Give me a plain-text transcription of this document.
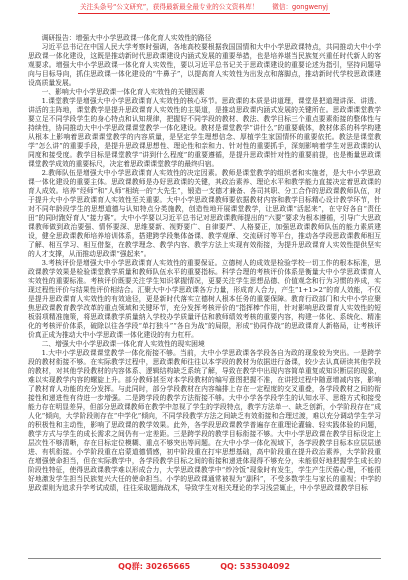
关注头条号“公文研究”，获得最新最全最专业的公文资料库！ 微信：gongwenyj

调研报告：增强大中小学思政课一体化育人实效性的路径

习近平总书记在中国人民大学考察时强调，各地高校要根据我国国情和大中小学思政课特点，共同推动大中小学思政课一体化建设，这既是推动新时代思政课建设内涵式发展的重要举措，也是培养堪当民族复兴重任时代新人的客观要求。增强大中小学思政课一体化育人实效性，要以习近平总书记关于思政课建设的重要论述为指引，坚持问题导向与目标导向，抓住思政课一体化建设的“牛鼻子”，以提高育人实效性为出发点和落脚点，推动新时代学校思政课建设高质量发展。

一、影响大中小学思政课一体化育人实效性的关键因素

1.课堂教学是增强大中小学思政课育人实效性的核心环节。思政课的本质是讲道理，课堂是把道理讲深、讲透、讲活的主阵地，课堂教学是提升思政课育人实效性的主渠道，是推动思政课内涵式发展的关键所在。思政课课堂教学要立足不同学段学生的身心特点和认知规律，把握好不同学段的教材、教法、教学目标三个重点要素衔接的整体性与持续性，协同推动大中小学思政课课堂教学一体化建设。教材是课堂教学“讲什么”的重要载体，教材体系的科学构建从根本上影响着思政课课堂教学的内容质量，是坚定学生理想信念、厚植学生家国情怀的重要依托。教法是课堂教学“怎么讲”的重要手段，是提升思政课思想性、理论性和亲和力、针对性的重要抓手，深刻影响着学生对思政课的认同度和接受度。教学目标是课堂教学“讲到什么程度”的重要遵循，是提升思政课针对性的重要前提，也是衡量思政课课堂教学成效的重要标尺，决定着思政课课堂教学的最终归宿。

2.教师队伍是增强大中小学思政课育人实效性的决定因素。教师是课堂教学的组织者和实施者，是大中小学思政课一体化建设的重要主体。思政课教师是办好思政课的关键，其政治素养、理论水平和教学能力直接决定着思政课的育人成效。培养“经师”和“人师”相统一的“大先生”，锻造一支德才兼备、各司其职、分工合作的思政课教师队伍，对于提升大中小学思政课育人实效性至关重要。大中小学思政课教师要依据教材内容和教学目标精心设计教学环节，针对不同年龄段学生的思想道德与认知特点分类施教，创造性地开展课堂教学，让思政课“活起来”，在守好各自“责任田”的同时跑好育人“接力赛”。大中小学要以习近平总书记对思政课教师提出的“六要”要求为根本遵循，引导广大思政课教师做到政治要强、情怀要深、思维要新、视野要广、自律要严、人格要正，加强思政课教师队伍的能力素质建设，健全思政课教师培养培训体系，搭建跨学段集体备课、教学观摩、交流研讨等平台，推动各学段思政课教师相互了解、相互学习、相互借鉴，在教学理念、教学内容、教学方法上实现有效衔接，为提升思政课育人实效性提供坚实的人才支撑，从而推动思政课“强起来”。

3.考核评价是增强大中小学思政课育人实效性的重要保证。立德树人的成效是检验学校一切工作的根本标准，思政课教学效果是检验课堂教学质量和教师队伍水平的重要指标。科学合理的考核评价体系是衡量大中小学思政课育人实效性的重要标准。考核评价既要关注学生知识掌握情况，更要关注学生思想品德、价值观念和行为习惯的养成，实现过程性评价与结果性评价相结合。汇聚大中小学思政课各方力量，形成育人合力，产生“1+1>2”的育人效能，不仅是提升思政课育人实效性的有效途径，更是新时代落实立德树人根本任务的重要保障。教育行政部门和大中小学应聚焦思政课教育教学改革的重点领域和关键环节，充分发挥考核评价的“指挥棒”作用，针对影响思政课育人实效性的短板弱项精准施策，将思政课教学质量纳入学校办学质量评估和教师绩效考核的重要内容，构建一体化、系统化、精准化的考核评价体系，破除以往各学段“单打独斗”“各自为战”的局限，形成“协同作战”的思政课育人新格局，让考核评价真正成为推动大中小学思政课一体化建设的有力杠杆。

二、增强大中小学思政课一体化育人实效性的现实困境

1.大中小学思政课课堂教学一体化衔接不够。当前，大中小学思政课各学段各自为政的现象较为突出。一是跨学段的教材衔接不够。在实际教学过程中，思政课教师往往以本学段的教材为依据进行备课，较少去认真研读其他学段的教材，对其他学段教材的内容体系、逻辑结构缺乏系统了解，导致在教学中出现内容简单重复或知识断层的现象，难以实现教学内容的螺旋上升。部分教师甚至对本学段教材的编写意图把握不准，在讲授过程中随意增减内容，影响了教材育人功能的充分发挥。与此同时，部分学段教材在内容编排上存在一定程度的交叉重叠，各学段教材之间的衔接性和递进性有待进一步增强。二是跨学段的教学方法衔接不够。大中小学各学段学生的认知水平、思维方式和接受能力存在明显差异，但部分思政课教师在教学中忽视了学生的学段特点，教学方法单一、缺乏创新，小学阶段存在“成人化”倾向，大学阶段则存在“中学化”倾向，不同学段教学方法之间缺乏有效衔接和合理过渡，难以充分调动学生学习的积极性和主动性，影响了思政课的教学效果。此外，各学段思政课教学普遍存在重理论灌输、轻实践体验的问题，教学方式与学生的成长需求之间仍有一定差距。三是跨学段的教学目标衔接不够。大中小学思政课在教学目标设定上层次性不够清晰，存在目标定位模糊、重点不够突出等问题。在大中小学一体化视域下，各学段教学目标本应层层递进、有机衔接。小学阶段重在启蒙道德情感，初中阶段重在打牢思想基础，高中阶段重在提升政治素养，大学阶段重在增强使命担当，但在实际教学中，各学段教学目标之间的衔接和递进体现得不够充分，未能很好地把握学生成长的阶段性特征，使得思政课教学难以形成合力，大学思政课教学中“炒冷饭”现象时有发生，学生产生厌倦心理，不能很好地激发学生担当民族复兴大任的使命担当。小学的思政课通常被视为“副科”，不受多数学生与家长的重视；中学的思政课则为追求升学考试成绩，往往采取题海战术，导致学生对相关理论的学习浅尝辄止，中小学思政课教学目标

QQ群: 30265665	QQ: 535304092
